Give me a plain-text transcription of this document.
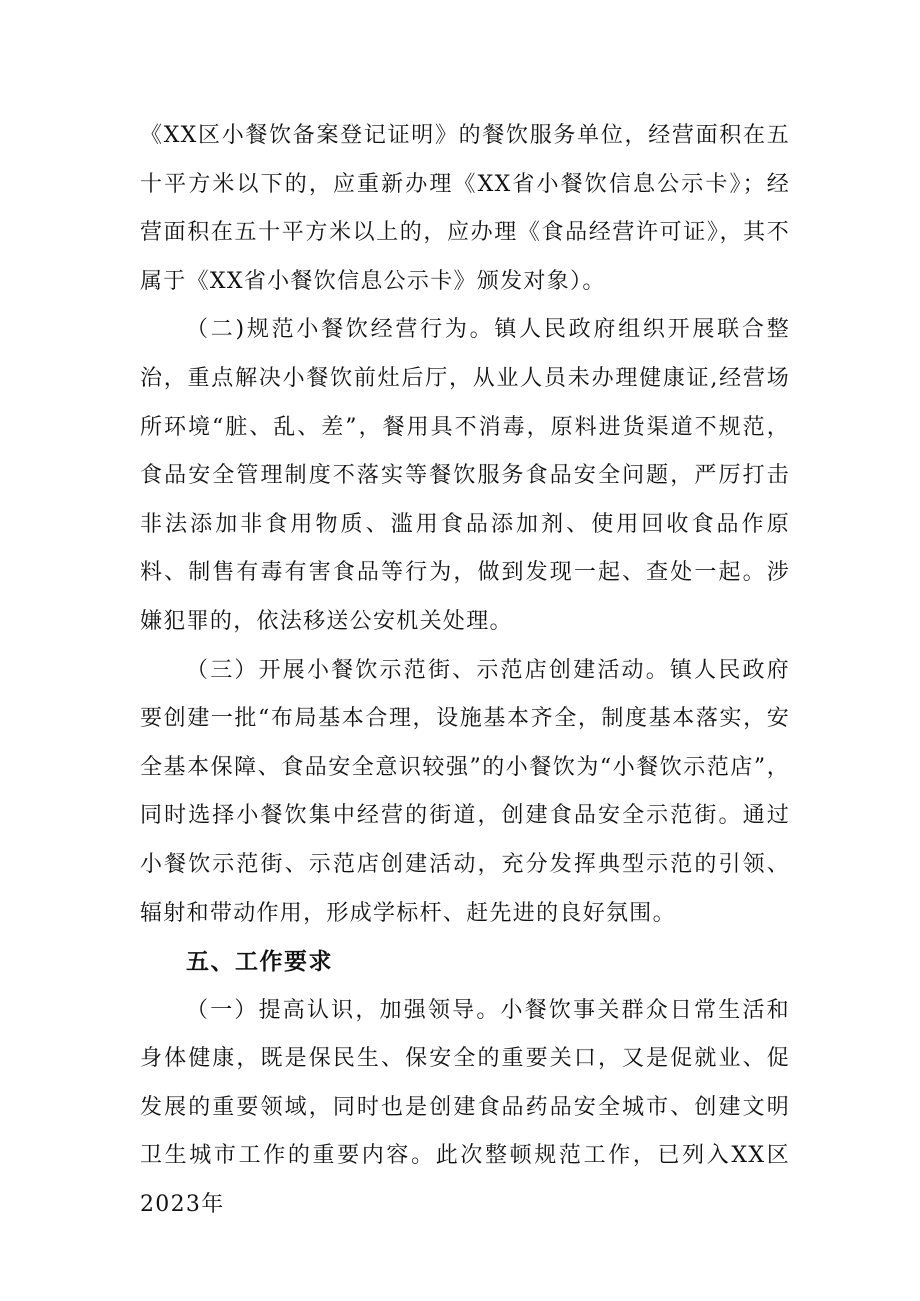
《XX区小餐饮备案登记证明》的餐饮服务单位，经营面积在五十平方米以下的，应重新办理《XX省小餐饮信息公示卡》；经营面积在五十平方米以上的，应办理《食品经营许可证》，其不属于《XX省小餐饮信息公示卡》颁发对象）。

（二)规范小餐饮经营行为。镇人民政府组织开展联合整治，重点解决小餐饮前灶后厅，从业人员未办理健康证,经营场所环境“脏、乱、差”，餐用具不消毒，原料进货渠道不规范，食品安全管理制度不落实等餐饮服务食品安全问题，严厉打击非法添加非食用物质、滥用食品添加剂、使用回收食品作原料、制售有毒有害食品等行为，做到发现一起、查处一起。涉嫌犯罪的，依法移送公安机关处理。

（三）开展小餐饮示范街、示范店创建活动。镇人民政府要创建一批“布局基本合理，设施基本齐全，制度基本落实，安全基本保障、食品安全意识较强”的小餐饮为“小餐饮示范店”，同时选择小餐饮集中经营的街道，创建食品安全示范街。通过小餐饮示范街、示范店创建活动，充分发挥典型示范的引领、辐射和带动作用，形成学标杆、赶先进的良好氛围。

五、工作要求

（一）提高认识，加强领导。小餐饮事关群众日常生活和身体健康，既是保民生、保安全的重要关口，又是促就业、促发展的重要领域，同时也是创建食品药品安全城市、创建文明卫生城市工作的重要内容。此次整顿规范工作，已列入XX区2023年
